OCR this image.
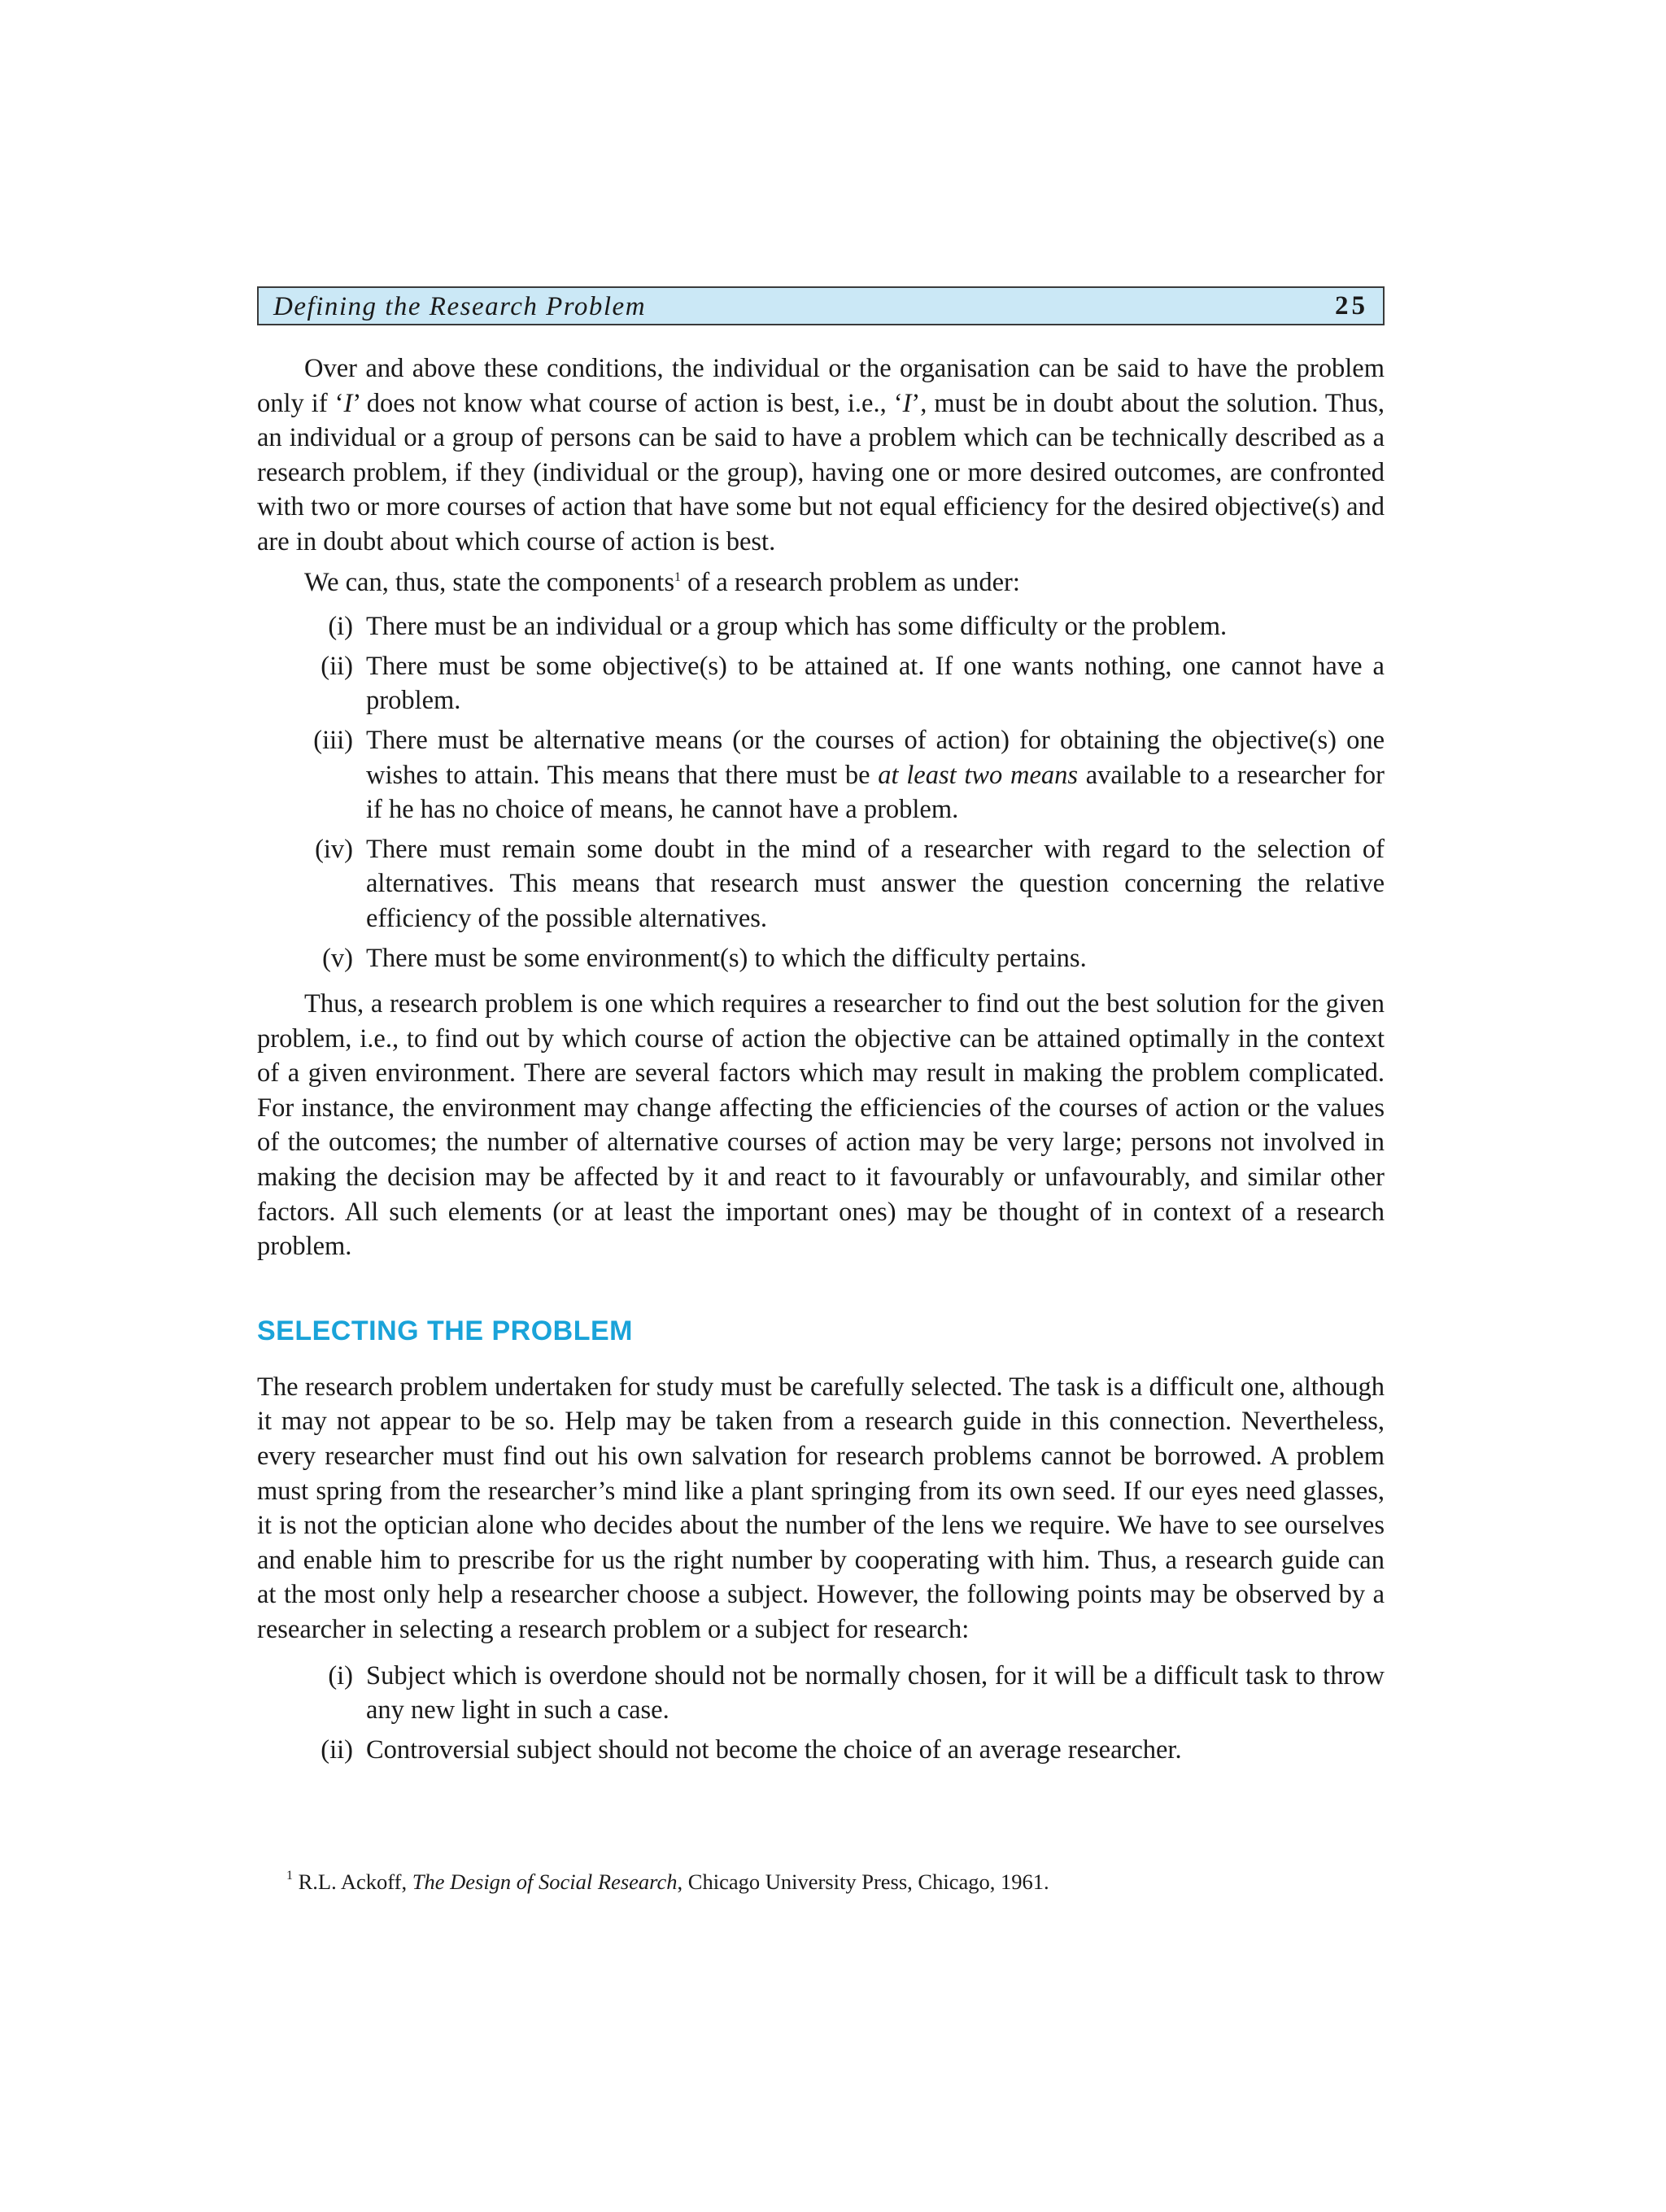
Defining the Research Problem	25

Over and above these conditions, the individual or the organisation can be said to have the problem only if ‘I’ does not know what course of action is best, i.e., ‘I’, must be in doubt about the solution. Thus, an individual or a group of persons can be said to have a problem which can be technically described as a research problem, if they (individual or the group), having one or more desired outcomes, are confronted with two or more courses of action that have some but not equal efficiency for the desired objective(s) and are in doubt about which course of action is best.

We can, thus, state the components$^1$ of a research problem as under:

(i) There must be an individual or a group which has some difficulty or the problem.
(ii) There must be some objective(s) to be attained at. If one wants nothing, one cannot have a problem.
(iii) There must be alternative means (or the courses of action) for obtaining the objective(s) one wishes to attain. This means that there must be at least two means available to a researcher for if he has no choice of means, he cannot have a problem.
(iv) There must remain some doubt in the mind of a researcher with regard to the selection of alternatives. This means that research must answer the question concerning the relative efficiency of the possible alternatives.
(v) There must be some environment(s) to which the difficulty pertains.

Thus, a research problem is one which requires a researcher to find out the best solution for the given problem, i.e., to find out by which course of action the objective can be attained optimally in the context of a given environment. There are several factors which may result in making the problem complicated. For instance, the environment may change affecting the efficiencies of the courses of action or the values of the outcomes; the number of alternative courses of action may be very large; persons not involved in making the decision may be affected by it and react to it favourably or unfavourably, and similar other factors. All such elements (or at least the important ones) may be thought of in context of a research problem.

SELECTING THE PROBLEM

The research problem undertaken for study must be carefully selected. The task is a difficult one, although it may not appear to be so. Help may be taken from a research guide in this connection. Nevertheless, every researcher must find out his own salvation for research problems cannot be borrowed. A problem must spring from the researcher’s mind like a plant springing from its own seed. If our eyes need glasses, it is not the optician alone who decides about the number of the lens we require. We have to see ourselves and enable him to prescribe for us the right number by cooperating with him. Thus, a research guide can at the most only help a researcher choose a subject. However, the following points may be observed by a researcher in selecting a research problem or a subject for research:

(i) Subject which is overdone should not be normally chosen, for it will be a difficult task to throw any new light in such a case.
(ii) Controversial subject should not become the choice of an average researcher.
$^1$ R.L. Ackoff, The Design of Social Research, Chicago University Press, Chicago, 1961.
